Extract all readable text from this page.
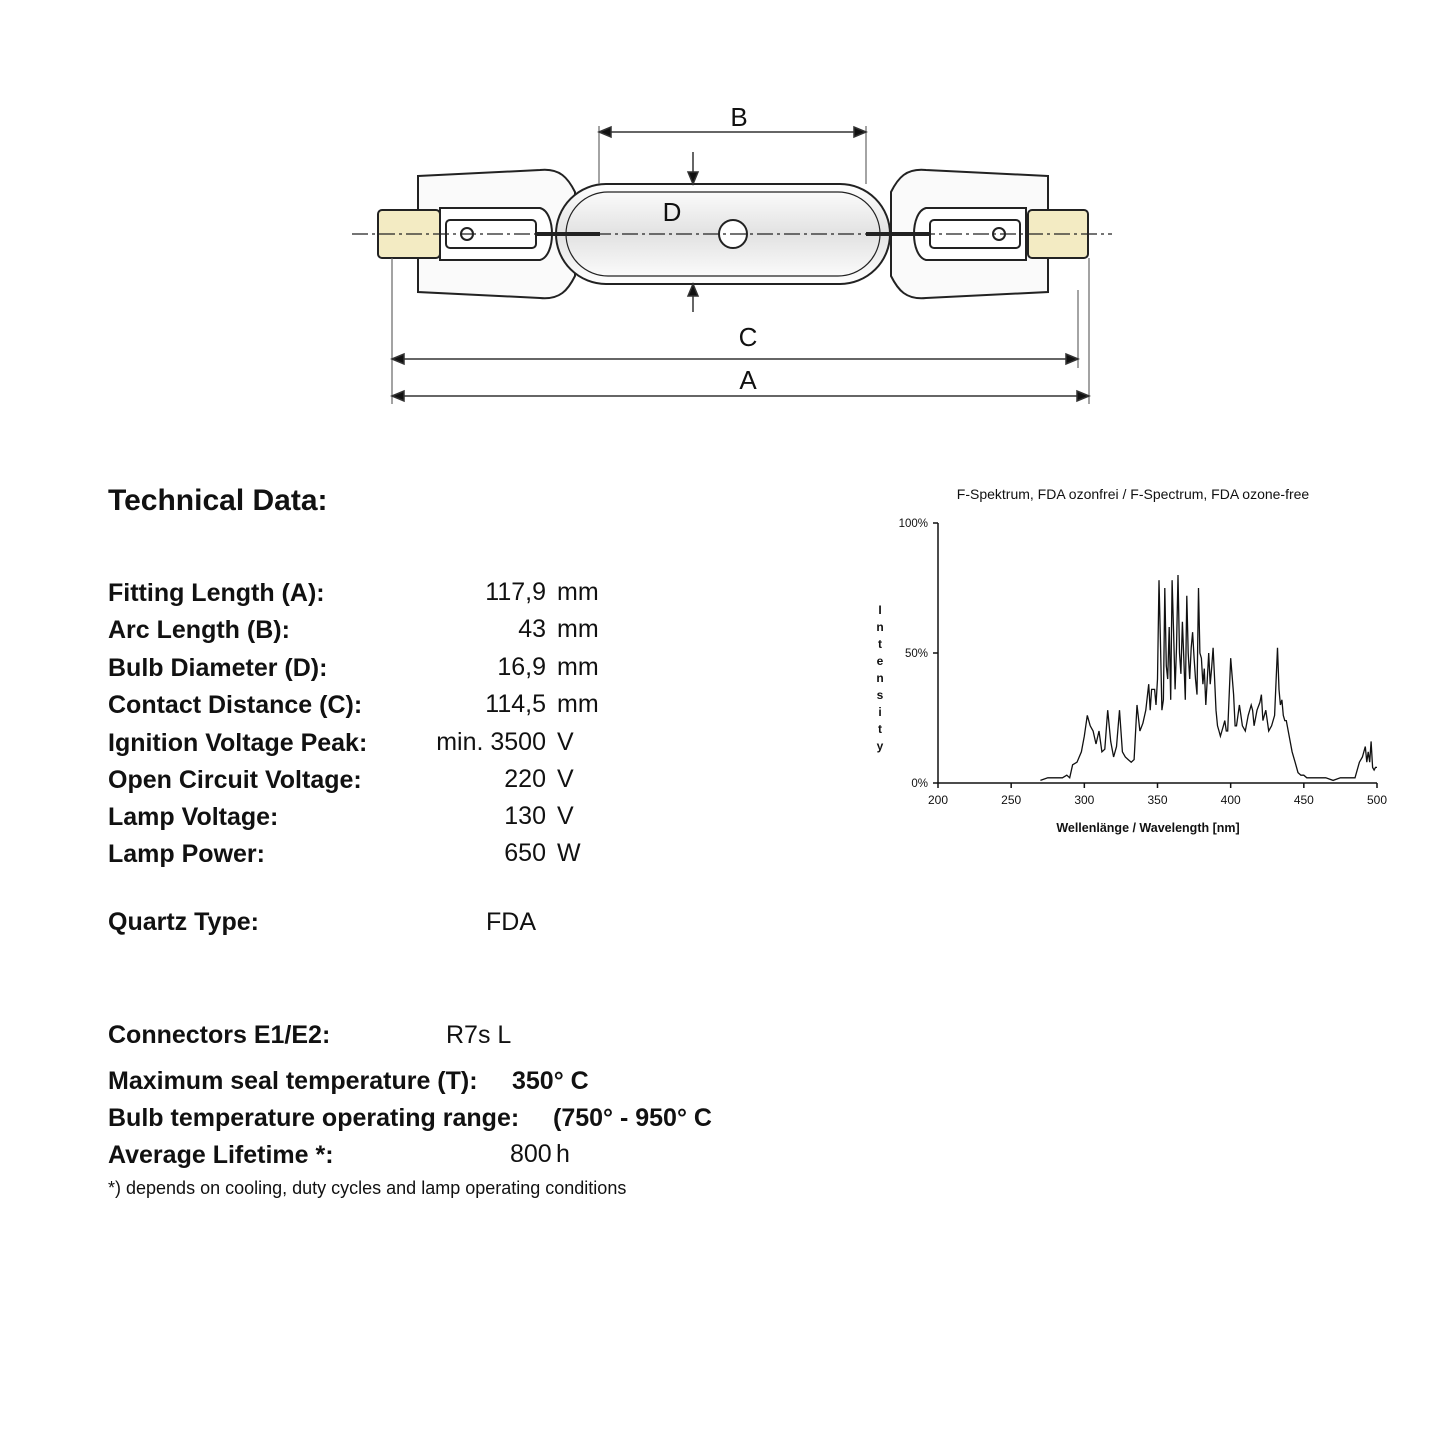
B
D
C
A
Technical Data:
Fitting Length (A):	117,9 mm
Arc Length (B):	43 mm
Bulb Diameter (D):	16,9 mm
Contact Distance (C):	114,5 mm
Ignition Voltage Peak:	min. 3500 V
Open Circuit Voltage:	220 V
Lamp Voltage:	130 V
Lamp Power:	650 W
Quartz Type:	FDA
Connectors E1/E2:	R7s L
Maximum seal temperature (T): 350° C
Bulb temperature operating range: (750° - 950° C
Average Lifetime *:	800 h
*) depends on cooling, duty cycles and lamp operating conditions
F-Spektrum, FDA ozonfrei / F-Spectrum, FDA ozone-free
Wellenlänge / Wavelength [nm]
200	250	300	350	400	450	500
0%
50%
100%
I n t e n s i t y
